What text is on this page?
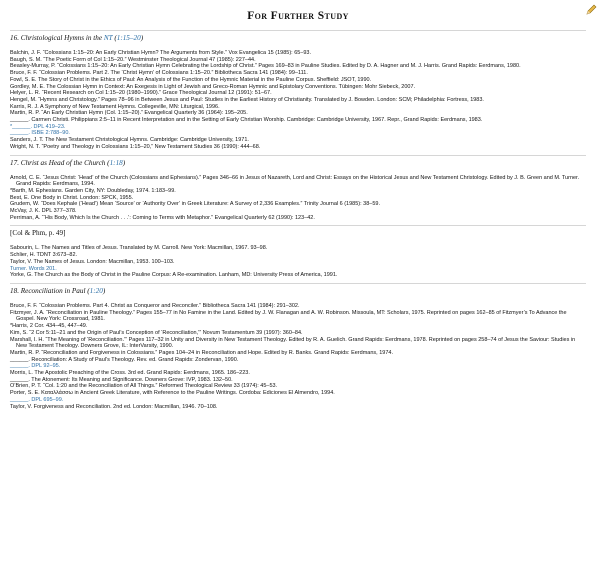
For Further Study
16. Christological Hymns in the NT (1:15–20)

Balchin, J. F. “Colossians 1:15–20: An Early Christian Hymn? The Arguments from Style.” Vox Evangelica 15 (1985): 65–93.

Baugh, S. M. “The Poetic Form of Col 1:15–20.” Westminster Theological Journal 47 (1985): 227–44.

Beasley-Murray, P. “Colossians 1:15–20: An Early Christian Hymn Celebrating the Lordship of Christ.” Pages 169–83 in Pauline Studies. Edited by D. A. Hagner and M. J. Harris. Grand Rapids: Eerdmans, 1980.

Bruce, F. F. “Colossian Problems. Part 2. The ‘Christ Hymn’ of Colossians 1:15–20.” Bibliotheca Sacra 141 (1984): 99–111.

Fowl, S. E. The Story of Christ in the Ethics of Paul: An Analysis of the Function of the Hymnic Material in the Pauline Corpus. Sheffield: JSOT, 1990.

Gordley, M. E. The Colossian Hymn in Context: An Exegesis in Light of Jewish and Greco-Roman Hymnic and Epistolary Conventions. Tübingen: Mohr Siebeck, 2007.

Helyer, L. R. “Recent Research on Col 1:15–20 (1980–1990).” Grace Theological Journal 12 (1991): 51–67.

Hengel, M. “Hymns and Christology.” Pages 78–96 in Between Jesus and Paul: Studies in the Earliest History of Christianity. Translated by J. Bowden. London: SCM; Philadelphia: Fortress, 1983.

Karris, R. J. A Symphony of New Testament Hymns. Collegeville, MN: Liturgical, 1996.

Martin, R. P. “An Early Christian Hymn (Col. 1:15–20).” Evangelical Quarterly 36 (1964): 195–205.

______. Carmen Christi. Philippians 2:5–11 in Recent Interpretation and in the Setting of Early Christian Worship. Cambridge: Cambridge University, 1967. Repr., Grand Rapids: Eerdmans, 1983.

*______. DPL 419–23.

______. ISBE 2:788–90.

Sanders, J. T. The New Testament Christological Hymns. Cambridge: Cambridge University, 1971.

Wright, N. T. “Poetry and Theology in Colossians 1:15–20,” New Testament Studies 36 (1990): 444–68.

17. Christ as Head of the Church (1:18)

Arnold, C. E. “Jesus Christ: ‘Head’ of the Church (Colossians and Ephesians).” Pages 346–66 in Jesus of Nazareth, Lord and Christ: Essays on the Historical Jesus and New Testament Christology. Edited by J. B. Green and M. Turner. Grand Rapids: Eerdmans, 1994.

*Barth, M. Ephesians. Garden City, NY: Doubleday, 1974. 1:183–99.

Best, E. One Body in Christ. London: SPCK, 1955.

Grudem, W. “Does Kephale (‘Head’) Mean ‘Source’ or ‘Authority Over’ in Greek Literature: A Survey of 2,336 Examples.” Trinity Journal 6 (1985): 38–59.

McVay, J. K. DPL 377–378.

Perriman, A. “‘His Body, Which Is the Church . . .’: Coming to Terms with Metaphor.” Evangelical Quarterly 62 (1990): 123–42.

[Col & Phm, p. 49]

Sabourin, L. The Names and Titles of Jesus. Translated by M. Carroll. New York: Macmillan, 1967. 93–98.

Schlier, H. TDNT 3:673–82.

Taylor, V. The Names of Jesus. London: Macmillan, 1953. 100–103.

Turner. Words 201.

Yorke, G. The Church as the Body of Christ in the Pauline Corpus: A Re-examination. Lanham, MD: University Press of America, 1991.

18. Reconciliation in Paul (1:20)

Bruce, F. F. “Colossian Problems. Part 4. Christ as Conqueror and Reconciler.” Bibliotheca Sacra 141 (1984): 291–302.

Fitzmyer, J. A. “Reconciliation in Pauline Theology.” Pages 155–77 in No Famine in the Land. Edited by J. W. Flanagan and A. W. Robinson. Missoula, MT: Scholars, 1975. Reprinted on pages 162–85 of Fitzmyer’s To Advance the Gospel. New York: Crossroad, 1981.

*Harris, 2 Cor. 434–45, 447–49.

Kim, S. “2 Cor 5:11–21 and the Origin of Paul’s Conception of ‘Reconciliation,’” Novum Testamentum 39 (1997): 360–84.

Marshall, I. H. “The Meaning of ‘Reconciliation.’” Pages 117–32 in Unity and Diversity in New Testament Theology. Edited by R. A. Guelich. Grand Rapids: Eerdmans, 1978. Reprinted on pages 258–74 of Jesus the Saviour: Studies in New Testament Theology. Downers Grove, IL: InterVarsity, 1990.

Martin, R. P. “Reconciliation and Forgiveness in Colossians.” Pages 104–24 in Reconciliation and Hope. Edited by R. Banks. Grand Rapids: Eerdmans, 1974.

______. Reconciliation: A Study of Paul’s Theology. Rev. ed. Grand Rapids: Zondervan, 1990.

______. DPL 92–95.

Morris, L. The Apostolic Preaching of the Cross. 3rd ed. Grand Rapids: Eerdmans, 1965. 186–223.

______. The Atonement: Its Meaning and Significance. Downers Grove: IVP, 1983. 132–50.

O’Brien, P. T. “Col. 1:20 and the Reconciliation of All Things.” Reformed Theological Review 33 (1974): 45–53.

Porter, S. E. Καταλλάσσω in Ancient Greek Literature, with Reference to the Pauline Writings. Cordoba: Ediciones El Almendro, 1994.

______. DPL 695–99.

Taylor, V. Forgiveness and Reconciliation. 2nd ed. London: Macmillan, 1946. 70–108.
